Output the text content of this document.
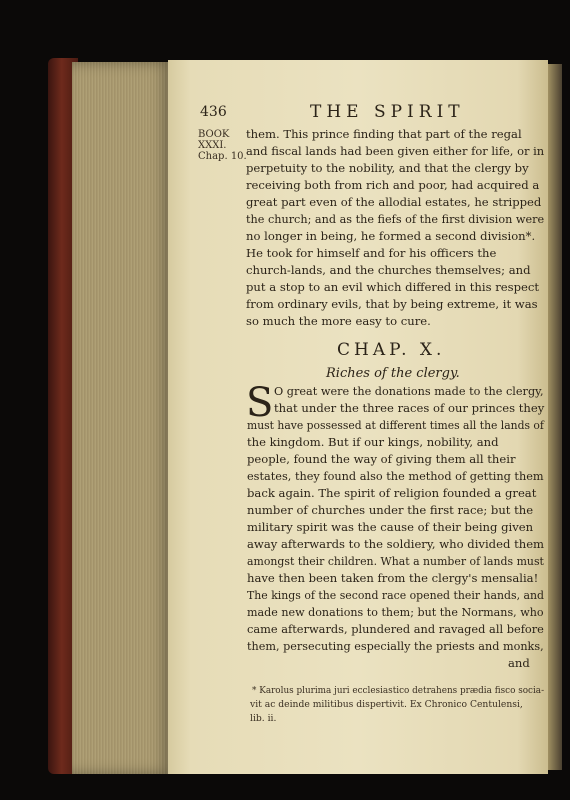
436	THE SPIRIT
BOOK
XXXI.
Chap. 10.
them. This prince finding that part of the regal
and fiscal lands had been given either for life, or in
perpetuity to the nobility, and that the clergy by
receiving both from rich and poor, had acquired a
great part even of the allodial estates, he stripped
the church; and as the fiefs of the first division were
no longer in being, he formed a second division*.
He took for himself and for his officers the
church-lands, and the churches themselves; and
put a stop to an evil which differed in this respect
from ordinary evils, that by being extreme, it was
so much the more easy to cure.
CHAP. X.
Riches of the clergy.
S O great were the donations made to the clergy,
that under the three races of our princes they
must have possessed at different times all the lands of
the kingdom. But if our kings, nobility, and
people, found the way of giving them all their
estates, they found also the method of getting them
back again. The spirit of religion founded a great
number of churches under the first race; but the
military spirit was the cause of their being given
away afterwards to the soldiery, who divided them
amongst their children. What a number of lands must
have then been taken from the clergy's mensalia!
The kings of the second race opened their hands, and
made new donations to them; but the Normans, who
came afterwards, plundered and ravaged all before
them, persecuting especially the priests and monks,
and
* Karolus plurima juri ecclesiastico detrahens prædia fisco socia-
vit ac deinde militibus dispertivit. Ex Chronico Centulensi,
lib. ii.
